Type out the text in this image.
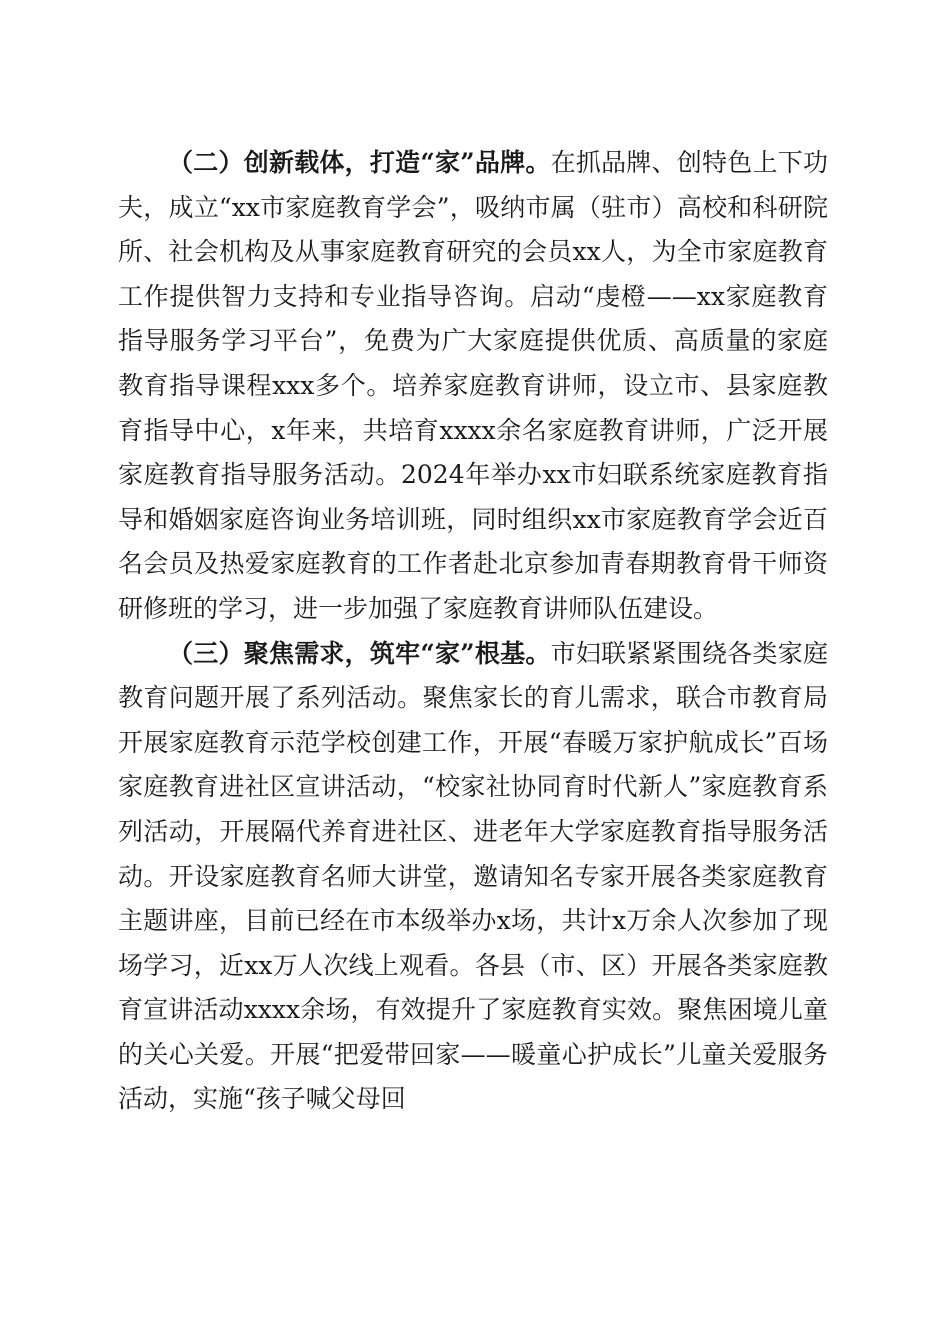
（二）创新载体，打造“家”品牌。在抓品牌、创特色上下功夫，成立“xx市家庭教育学会”，吸纳市属（驻市）高校和科研院所、社会机构及从事家庭教育研究的会员xx人，为全市家庭教育工作提供智力支持和专业指导咨询。启动“虔橙——xx家庭教育指导服务学习平台”，免费为广大家庭提供优质、高质量的家庭教育指导课程xxx多个。培养家庭教育讲师，设立市、县家庭教育指导中心，x年来，共培育xxxx余名家庭教育讲师，广泛开展家庭教育指导服务活动。2024年举办xx市妇联系统家庭教育指导和婚姻家庭咨询业务培训班，同时组织xx市家庭教育学会近百名会员及热爱家庭教育的工作者赴北京参加青春期教育骨干师资研修班的学习，进一步加强了家庭教育讲师队伍建设。

（三）聚焦需求，筑牢“家”根基。市妇联紧紧围绕各类家庭教育问题开展了系列活动。聚焦家长的育儿需求，联合市教育局开展家庭教育示范学校创建工作，开展“春暖万家护航成长”百场家庭教育进社区宣讲活动，“校家社协同育时代新人”家庭教育系列活动，开展隔代养育进社区、进老年大学家庭教育指导服务活动。开设家庭教育名师大讲堂，邀请知名专家开展各类家庭教育主题讲座，目前已经在市本级举办x场，共计x万余人次参加了现场学习，近xx万人次线上观看。各县（市、区）开展各类家庭教育宣讲活动xxxx余场，有效提升了家庭教育实效。聚焦困境儿童的关心关爱。开展“把爱带回家——暖童心护成长”儿童关爱服务活动，实施“孩子喊父母回
